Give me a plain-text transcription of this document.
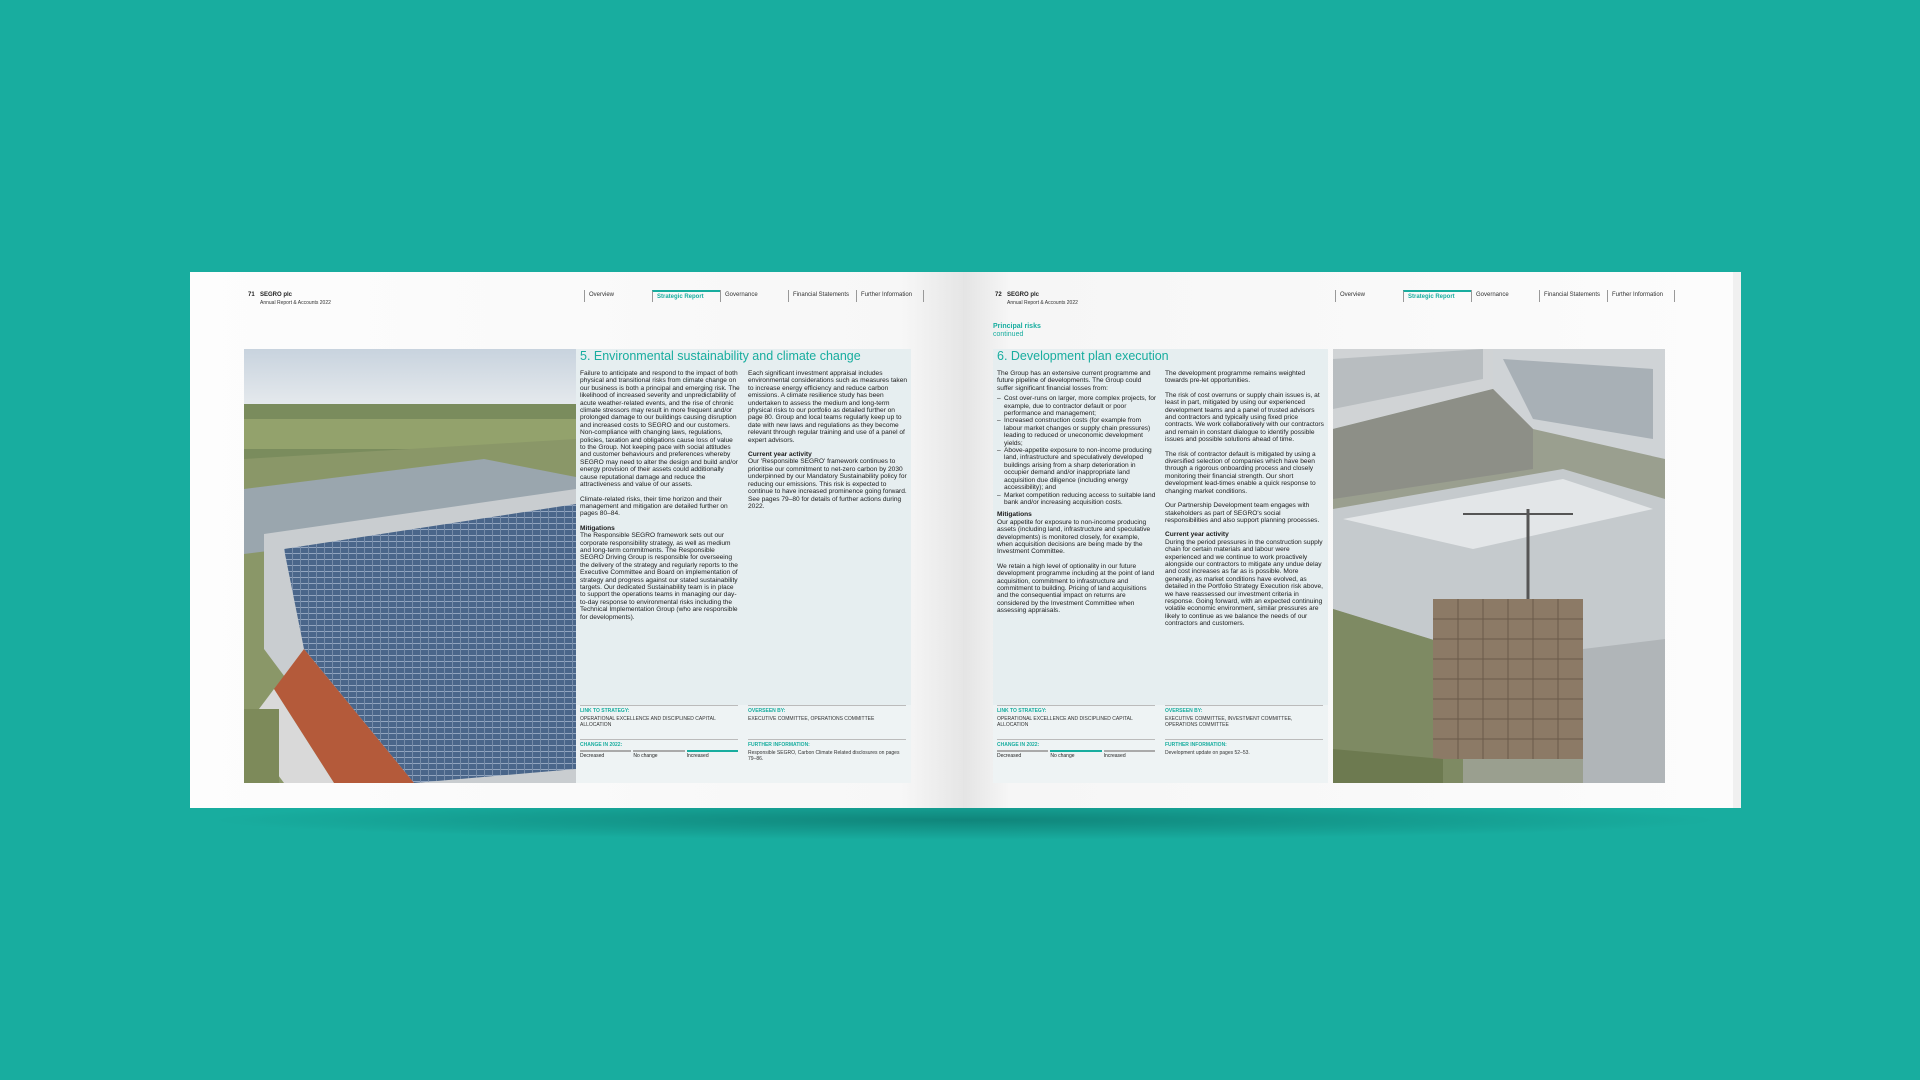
71 SEGRO plc
Annual Report & Accounts 2022
Overview	Strategic Report	Governance	Financial Statements	Further Information
5. Environmental sustainability and climate change

Failure to anticipate and respond to the impact of both physical and transitional risks from climate change on our business is both a principal and emerging risk. The likelihood of increased severity and unpredictability of acute weather-related events, and the rise of chronic climate stressors may result in more frequent and/or prolonged damage to our buildings causing disruption and increased costs to SEGRO and our customers. Non-compliance with changing laws, regulations, policies, taxation and obligations cause loss of value to the Group. Not keeping pace with social attitudes and customer behaviours and preferences whereby SEGRO may need to alter the design and build and/or energy provision of their assets could additionally cause reputational damage and reduce the attractiveness and value of our assets.

Climate-related risks, their time horizon and their management and mitigation are detailed further on pages 80–84.

Mitigations

The Responsible SEGRO framework sets out our corporate responsibility strategy, as well as medium and long-term commitments. The Responsible SEGRO Driving Group is responsible for overseeing the delivery of the strategy and regularly reports to the Executive Committee and Board on implementation of strategy and progress against our stated sustainability targets. Our dedicated Sustainability team is in place to support the operations teams in managing our day-to-day response to environmental risks including the Technical Implementation Group (who are responsible for developments).

Each significant investment appraisal includes environmental considerations such as measures taken to increase energy efficiency and reduce carbon emissions. A climate resilience study has been undertaken to assess the medium and long-term physical risks to our portfolio as detailed further on page 80. Group and local teams regularly keep up to date with new laws and regulations as they become relevant through regular training and use of a panel of expert advisors.

Current year activity

Our 'Responsible SEGRO' framework continues to prioritise our commitment to net-zero carbon by 2030 underpinned by our Mandatory Sustainability policy for reducing our emissions. This risk is expected to continue to have increased prominence going forward. See pages 79–80 for details of further actions during 2022.

LINK TO STRATEGY:
OPERATIONAL EXCELLENCE AND DISCIPLINED CAPITAL ALLOCATION
OVERSEEN BY:
EXECUTIVE COMMITTEE, OPERATIONS COMMITTEE
CHANGE IN 2022:
Decreased	No change	Increased
FURTHER INFORMATION:
Responsible SEGRO, Carbon Climate Related disclosures on pages 79–86.
72 SEGRO plc
Annual Report & Accounts 2022
Overview	Strategic Report	Governance	Financial Statements	Further Information
Principal risks
continued
6. Development plan execution

The Group has an extensive current programme and future pipeline of developments. The Group could suffer significant financial losses from:

– Cost over-runs on larger, more complex projects, for example, due to contractor default or poor performance and management;
– Increased construction costs (for example from labour market changes or supply chain pressures) leading to reduced or uneconomic development yields;
– Above-appetite exposure to non-income producing land, infrastructure and speculatively developed buildings arising from a sharp deterioration in occupier demand and/or inappropriate land acquisition due diligence (including energy accessibility); and
– Market competition reducing access to suitable land bank and/or increasing acquisition costs.
Mitigations

Our appetite for exposure to non-income producing assets (including land, infrastructure and speculative developments) is monitored closely, for example, when acquisition decisions are being made by the Investment Committee.

We retain a high level of optionality in our future development programme including at the point of land acquisition, commitment to infrastructure and commitment to building. Pricing of land acquisitions and the consequential impact on returns are considered by the Investment Committee when assessing appraisals.

The development programme remains weighted towards pre-let opportunities.

The risk of cost overruns or supply chain issues is, at least in part, mitigated by using our experienced development teams and a panel of trusted advisors and contractors and typically using fixed price contracts. We work collaboratively with our contractors and remain in constant dialogue to identify possible issues and possible solutions ahead of time.

The risk of contractor default is mitigated by using a diversified selection of companies which have been through a rigorous onboarding process and closely monitoring their financial strength. Our short development lead-times enable a quick response to changing market conditions.

Our Partnership Development team engages with stakeholders as part of SEGRO's social responsibilities and also support planning processes.

Current year activity

During the period pressures in the construction supply chain for certain materials and labour were experienced and we continue to work proactively alongside our contractors to mitigate any undue delay and cost increases as far as is possible. More generally, as market conditions have evolved, as detailed in the Portfolio Strategy Execution risk above, we have reassessed our investment criteria in response. Going forward, with an expected continuing volatile economic environment, similar pressures are likely to continue as we balance the needs of our contractors and customers.

LINK TO STRATEGY:
OPERATIONAL EXCELLENCE AND DISCIPLINED CAPITAL ALLOCATION
OVERSEEN BY:
EXECUTIVE COMMITTEE, INVESTMENT COMMITTEE, OPERATIONS COMMITTEE
CHANGE IN 2022:
Decreased	No change	Increased
FURTHER INFORMATION:
Development update on pages 52–53.
